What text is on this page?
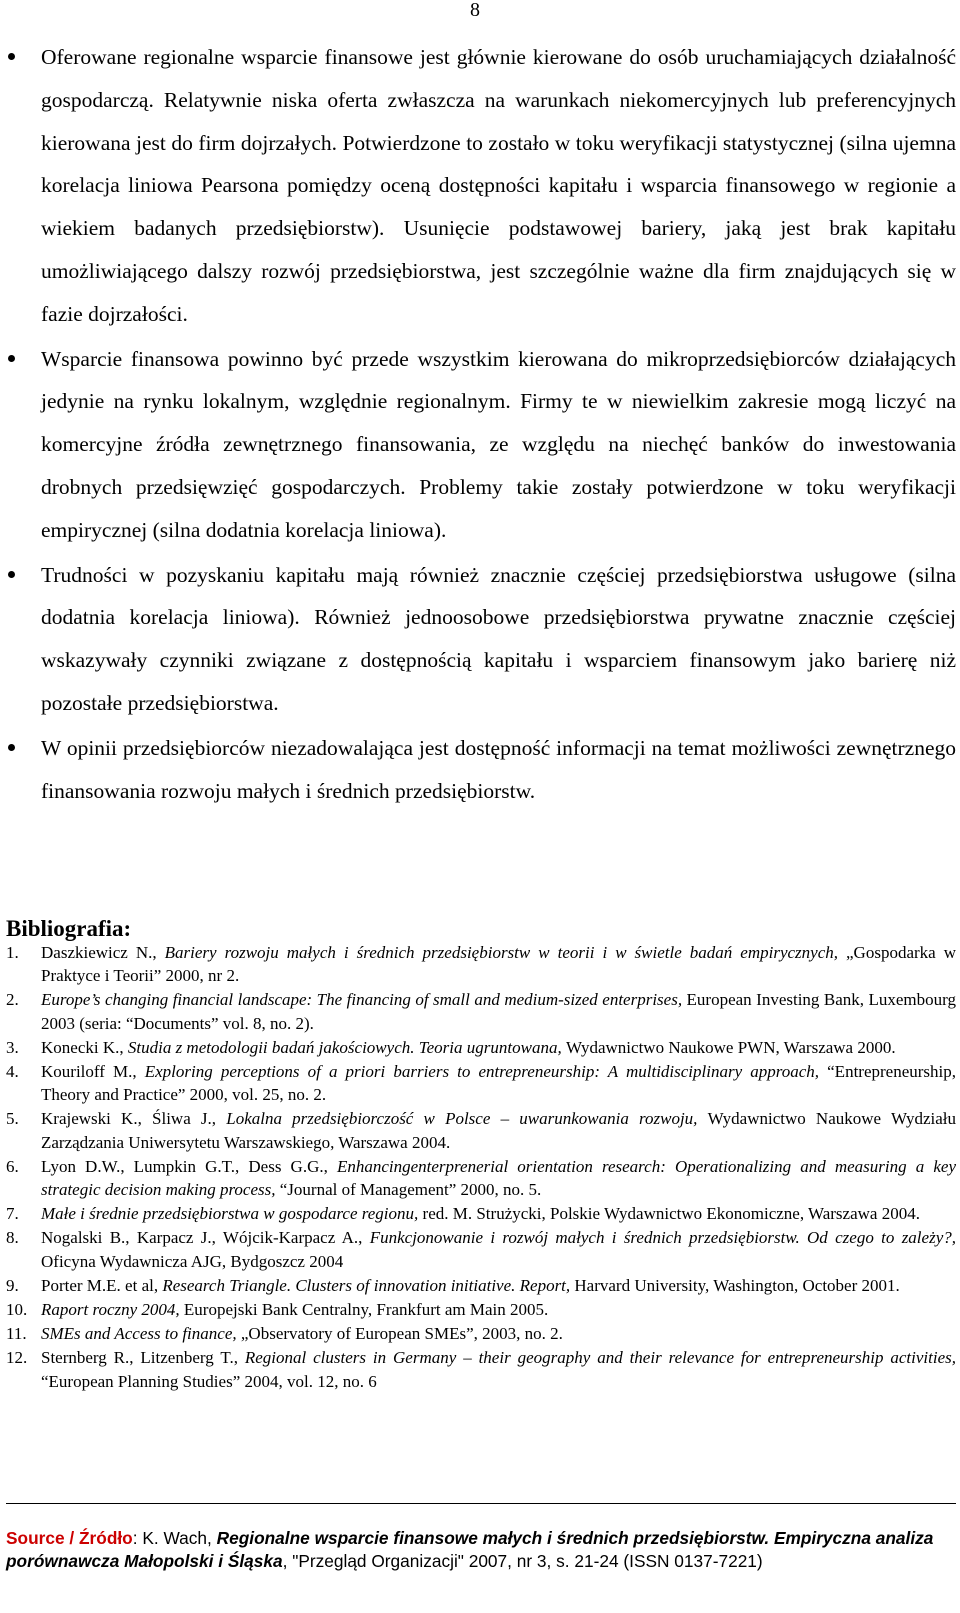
8
Oferowane regionalne wsparcie finansowe jest głównie kierowane do osób uruchamiających działalność gospodarczą. Relatywnie niska oferta zwłaszcza na warunkach niekomercyjnych lub preferencyjnych kierowana jest do firm dojrzałych. Potwierdzone to zostało w toku weryfikacji statystycznej (silna ujemna korelacja liniowa Pearsona pomiędzy oceną dostępności kapitału i wsparcia finansowego w regionie a wiekiem badanych przedsiębiorstw). Usunięcie podstawowej bariery, jaką jest brak kapitału umożliwiającego dalszy rozwój przedsiębiorstwa, jest szczególnie ważne dla firm znajdujących się w fazie dojrzałości.
Wsparcie finansowa powinno być przede wszystkim kierowana do mikroprzedsiębiorców działających jedynie na rynku lokalnym, względnie regionalnym. Firmy te w niewielkim zakresie mogą liczyć na komercyjne źródła zewnętrznego finansowania, ze względu na niechęć banków do inwestowania drobnych przedsięwzięć gospodarczych. Problemy takie zostały potwierdzone w toku weryfikacji empirycznej (silna dodatnia korelacja liniowa).
Trudności w pozyskaniu kapitału mają również znacznie częściej przedsiębiorstwa usługowe (silna dodatnia korelacja liniowa). Również jednoosobowe przedsiębiorstwa prywatne znacznie częściej wskazywały czynniki związane z dostępnością kapitału i wsparciem finansowym jako barierę niż pozostałe przedsiębiorstwa.
W opinii przedsiębiorców niezadowalająca jest dostępność informacji na temat możliwości zewnętrznego finansowania rozwoju małych i średnich przedsiębiorstw.
Bibliografia:
1. Daszkiewicz N., Bariery rozwoju małych i średnich przedsiębiorstw w teorii i w świetle badań empirycznych, „Gospodarka w Praktyce i Teorii” 2000, nr 2.
2. Europe’s changing financial landscape: The financing of small and medium-sized enterprises, European Investing Bank, Luxembourg 2003 (seria: “Documents” vol. 8, no. 2).
3. Konecki K., Studia z metodologii badań jakościowych. Teoria ugruntowana, Wydawnictwo Naukowe PWN, Warszawa 2000.
4. Kouriloff M., Exploring perceptions of a priori barriers to entrepreneurship: A multidisciplinary approach, “Entrepreneurship, Theory and Practice” 2000, vol. 25, no. 2.
5. Krajewski K., Śliwa J., Lokalna przedsiębiorczość w Polsce – uwarunkowania rozwoju, Wydawnictwo Naukowe Wydziału Zarządzania Uniwersytetu Warszawskiego, Warszawa 2004.
6. Lyon D.W., Lumpkin G.T., Dess G.G., Enhancingenterprenerial orientation research: Operationalizing and measuring a key strategic decision making process, “Journal of Management” 2000, no. 5.
7. Małe i średnie przedsiębiorstwa w gospodarce regionu, red. M. Strużycki, Polskie Wydawnictwo Ekonomiczne, Warszawa 2004.
8. Nogalski B., Karpacz J., Wójcik-Karpacz A., Funkcjonowanie i rozwój małych i średnich przedsiębiorstw. Od czego to zależy?, Oficyna Wydawnicza AJG, Bydgoszcz 2004
9. Porter M.E. et al, Research Triangle. Clusters of innovation initiative. Report, Harvard University, Washington, October 2001.
10. Raport roczny 2004, Europejski Bank Centralny, Frankfurt am Main 2005.
11. SMEs and Access to finance, „Observatory of European SMEs”, 2003, no. 2.
12. Sternberg R., Litzenberg T., Regional clusters in Germany – their geography and their relevance for entrepreneurship activities, “European Planning Studies” 2004, vol. 12, no. 6

Source / Źródło: K. Wach, Regionalne wsparcie finansowe małych i średnich przedsiębiorstw. Empiryczna analiza porównawcza Małopolski i Śląska, "Przegląd Organizacji" 2007, nr 3, s. 21-24 (ISSN 0137-7221)
